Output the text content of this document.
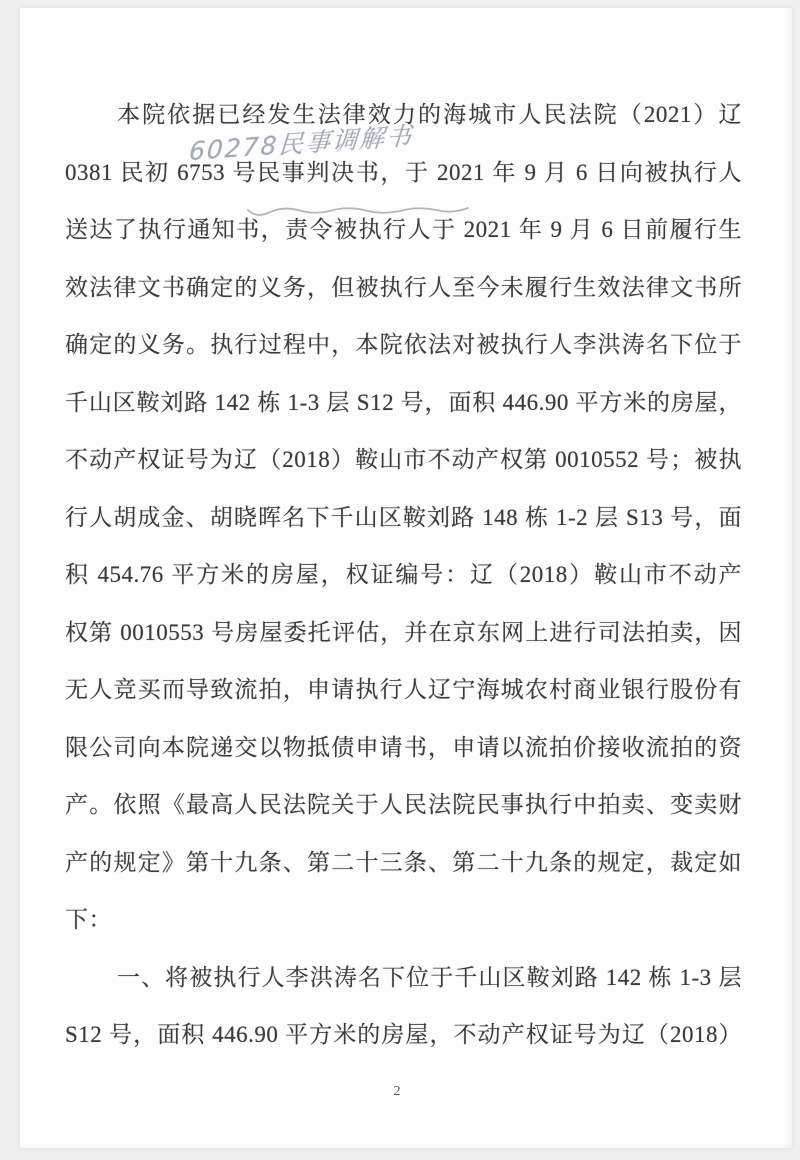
本院依据已经发生法律效力的海城市人民法院（2021）辽
0381 民初 6753 号民事判决书，于 2021 年 9 月 6 日向被执行人
送达了执行通知书，责令被执行人于 2021 年 9 月 6 日前履行生
效法律文书确定的义务，但被执行人至今未履行生效法律文书所
确定的义务。执行过程中，本院依法对被执行人李洪涛名下位于
千山区鞍刘路 142 栋 1-3 层 S12 号，面积 446.90 平方米的房屋，
不动产权证号为辽（2018）鞍山市不动产权第 0010552 号；被执
行人胡成金、胡晓晖名下千山区鞍刘路 148 栋 1-2 层 S13 号，面
积 454.76 平方米的房屋，权证编号：辽（2018）鞍山市不动产
权第 0010553 号房屋委托评估，并在京东网上进行司法拍卖，因
无人竞买而导致流拍，申请执行人辽宁海城农村商业银行股份有
限公司向本院递交以物抵债申请书，申请以流拍价接收流拍的资
产。依照《最高人民法院关于人民法院民事执行中拍卖、变卖财
产的规定》第十九条、第二十三条、第二十九条的规定，裁定如
下：
一、将被执行人李洪涛名下位于千山区鞍刘路 142 栋 1-3 层
S12 号，面积 446.90 平方米的房屋，不动产权证号为辽（2018）
60278民事调解书
2
